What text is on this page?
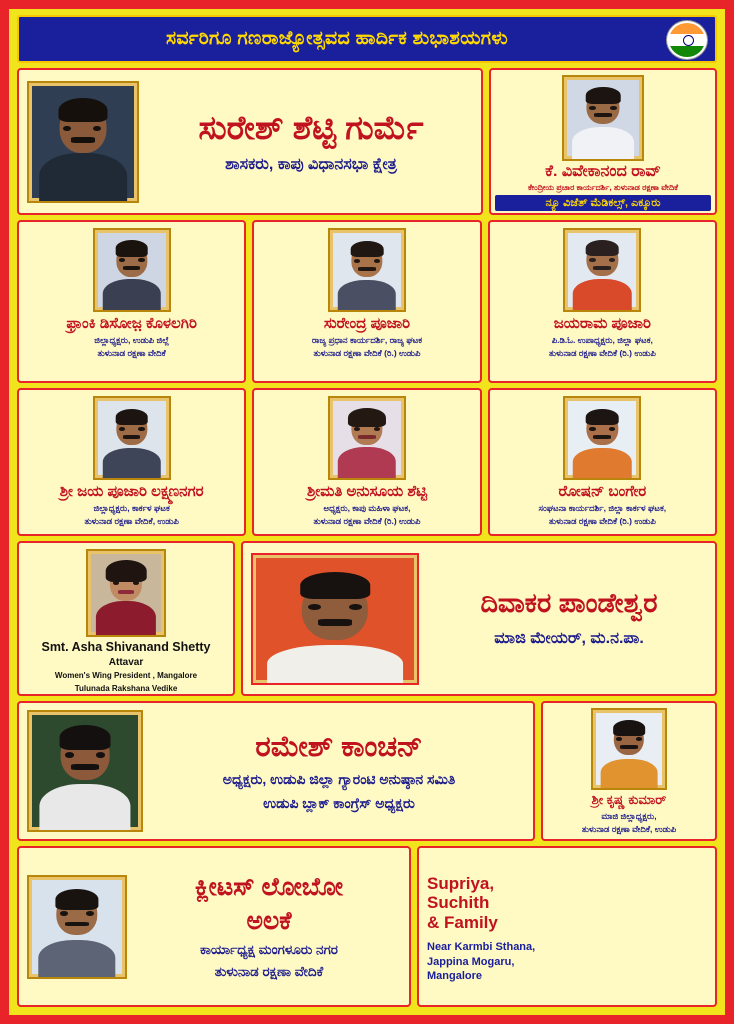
ಸರ್ವರಿಗೂ ಗಣರಾಜ್ಯೋತ್ಸವದ ಹಾರ್ದಿಕ ಶುಭಾಶಯಗಳು
ಸುರೇಶ್ ಶೆಟ್ಟಿ ಗುರ್ಮೆ
ಶಾಸಕರು, ಕಾಪು ವಿಧಾನಸಭಾ ಕ್ಷೇತ್ರ	ಕೆ. ವಿವೇಕಾನಂದ ರಾವ್
ಕೇಂದ್ರೀಯ ಪ್ರಚಾರ ಕಾರ್ಯದರ್ಶಿ, ತುಳುನಾಡ ರಕ್ಷಣಾ ವೇದಿಕೆ
ನ್ಯೂ ವಿಜೆತ್ ಮೆಡಿಕಲ್ಸ್, ಎಕ್ಕೂರು
ಫ್ರಾಂಕಿ ಡಿಸೋಜ಼ ಕೊಳಲಗಿರಿ
ಜಿಲ್ಲಾಧ್ಯಕ್ಷರು, ಉಡುಪಿ ಜಿಲ್ಲೆ
ತುಳುನಾಡ ರಕ್ಷಣಾ ವೇದಿಕೆ
ಸುರೇಂದ್ರ ಪೂಜಾರಿ
ರಾಜ್ಯ ಪ್ರಧಾನ ಕಾರ್ಯದರ್ಶಿ, ರಾಜ್ಯ ಘಟಕ
ತುಳುನಾಡ ರಕ್ಷಣಾ ವೇದಿಕೆ (ರಿ.) ಉಡುಪಿ
ಜಯರಾಮ ಪೂಜಾರಿ
ಪಿ.ಡಿ.ಓ. ಉಪಾಧ್ಯಕ್ಷರು, ಜಿಲ್ಲಾ ಘಟಕ,
ತುಳುನಾಡ ರಕ್ಷಣಾ ವೇದಿಕೆ (ರಿ.) ಉಡುಪಿ
ಶ್ರೀ ಜಯ ಪೂಜಾರಿ ಲಕ್ಷ್ಮಣನಗರ
ಜಿಲ್ಲಾಧ್ಯಕ್ಷರು, ಕಾರ್ಕಳ ಘಟಕ
ತುಳುನಾಡ ರಕ್ಷಣಾ ವೇದಿಕೆ, ಉಡುಪಿ
ಶ್ರೀಮತಿ ಅನುಸೂಯ ಶೆಟ್ಟಿ
ಅಧ್ಯಕ್ಷರು, ಕಾಪು ಮಹಿಳಾ ಘಟಕ,
ತುಳುನಾಡ ರಕ್ಷಣಾ ವೇದಿಕೆ (ರಿ.) ಉಡುಪಿ
ರೋಷನ್ ಬಂಗೇರ
ಸಂಘಟನಾ ಕಾರ್ಯದರ್ಶಿ, ಜಿಲ್ಲಾ ಕಾರ್ಕಳ ಘಟಕ,
ತುಳುನಾಡ ರಕ್ಷಣಾ ವೇದಿಕೆ (ರಿ.) ಉಡುಪಿ
Smt. Asha Shivanand Shetty
Attavar
Women's Wing President , Mangalore
Tulunada Rakshana Vedike
ದಿವಾಕರ ಪಾಂಡೇಶ್ವರ
ಮಾಜಿ ಮೇಯರ್, ಮ.ನ.ಪಾ.
ರಮೇಶ್ ಕಾಂಚನ್
ಅಧ್ಯಕ್ಷರು, ಉಡುಪಿ ಜಿಲ್ಲಾ ಗ್ಯಾರಂಟಿ ಅನುಷ್ಠಾನ ಸಮಿತಿ
ಉಡುಪಿ ಬ್ಲಾಕ್ ಕಾಂಗ್ರೆಸ್ ಅಧ್ಯಕ್ಷರು	ಶ್ರೀ ಕೃಷ್ಣ ಕುಮಾರ್
ಮಾಜಿ ಜಿಲ್ಲಾಧ್ಯಕ್ಷರು,
ತುಳುನಾಡ ರಕ್ಷಣಾ ವೇದಿಕೆ, ಉಡುಪಿ
ಕ್ಲೀಟಸ್ ಲೋಬೋ
ಅಲಕೆ
ಕಾರ್ಯಾಧ್ಯಕ್ಷ ಮಂಗಳೂರು ನಗರ
ತುಳುನಾಡ ರಕ್ಷಣಾ ವೇದಿಕೆ
Supriya, Suchith
& Family
Near Karmbi Sthana,
Jappina Mogaru,
Mangalore
